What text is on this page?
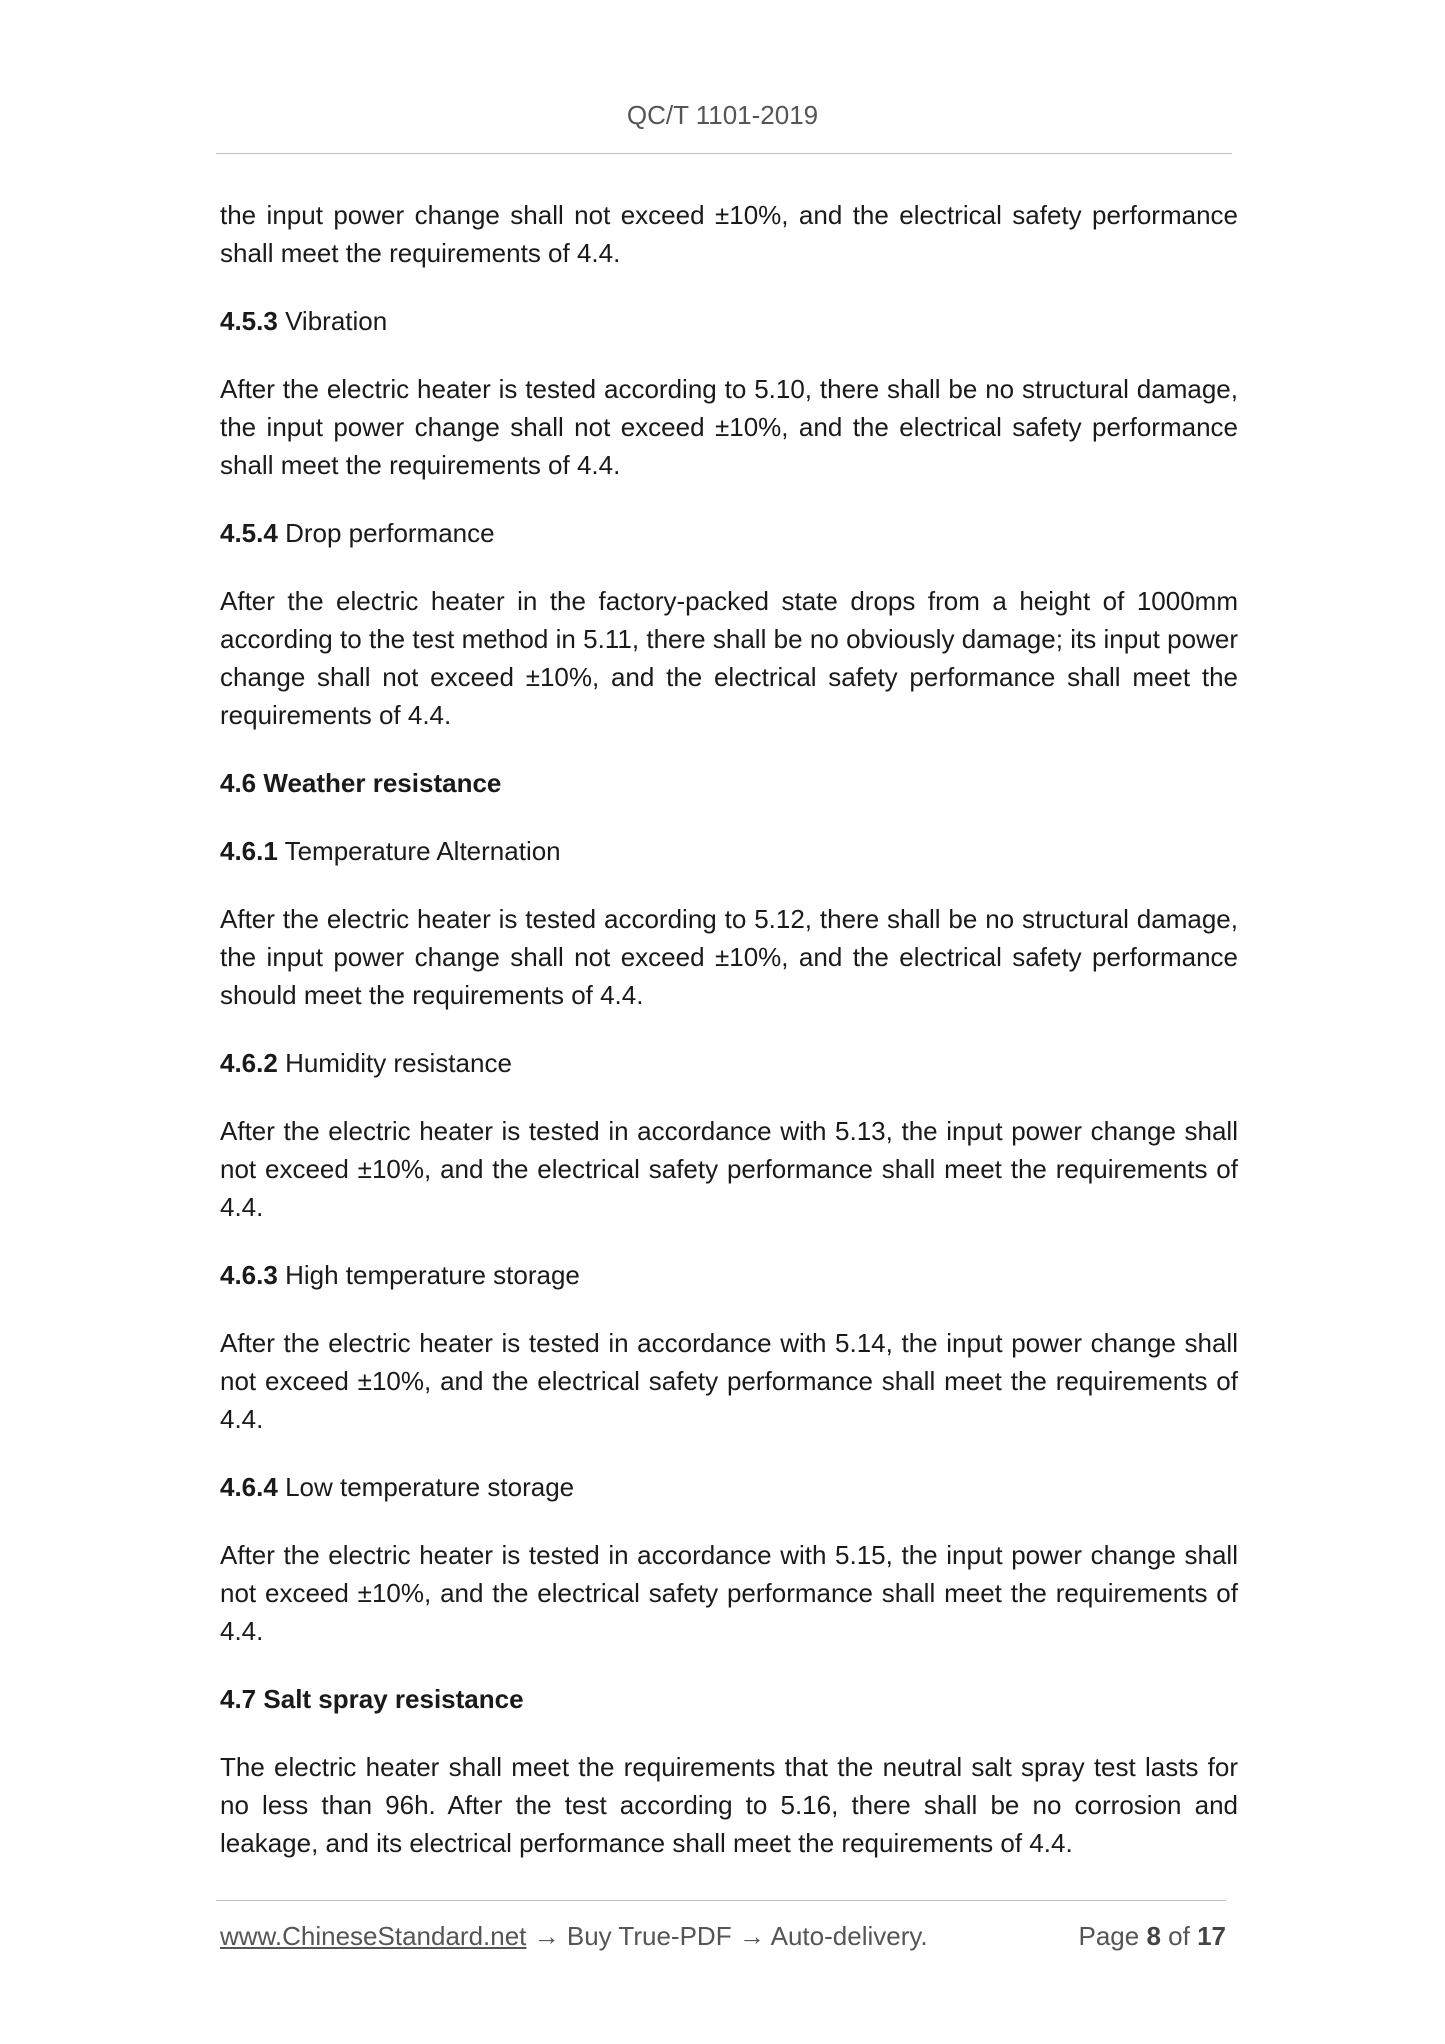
QC/T 1101-2019

the input power change shall not exceed ±10%, and the electrical safety performance shall meet the requirements of 4.4.

4.5.3 Vibration

After the electric heater is tested according to 5.10, there shall be no structural damage, the input power change shall not exceed ±10%, and the electrical safety performance shall meet the requirements of 4.4.

4.5.4 Drop performance

After the electric heater in the factory-packed state drops from a height of 1000mm according to the test method in 5.11, there shall be no obviously damage; its input power change shall not exceed ±10%, and the electrical safety performance shall meet the requirements of 4.4.

4.6 Weather resistance
4.6.1 Temperature Alternation

After the electric heater is tested according to 5.12, there shall be no structural damage, the input power change shall not exceed ±10%, and the electrical safety performance should meet the requirements of 4.4.

4.6.2 Humidity resistance

After the electric heater is tested in accordance with 5.13, the input power change shall not exceed ±10%, and the electrical safety performance shall meet the requirements of 4.4.

4.6.3 High temperature storage

After the electric heater is tested in accordance with 5.14, the input power change shall not exceed ±10%, and the electrical safety performance shall meet the requirements of 4.4.

4.6.4 Low temperature storage

After the electric heater is tested in accordance with 5.15, the input power change shall not exceed ±10%, and the electrical safety performance shall meet the requirements of 4.4.

4.7 Salt spray resistance

The electric heater shall meet the requirements that the neutral salt spray test lasts for no less than 96h. After the test according to 5.16, there shall be no corrosion and leakage, and its electrical performance shall meet the requirements of 4.4.

www.ChineseStandard.net → Buy True-PDF → Auto-delivery.	Page 8 of 17
